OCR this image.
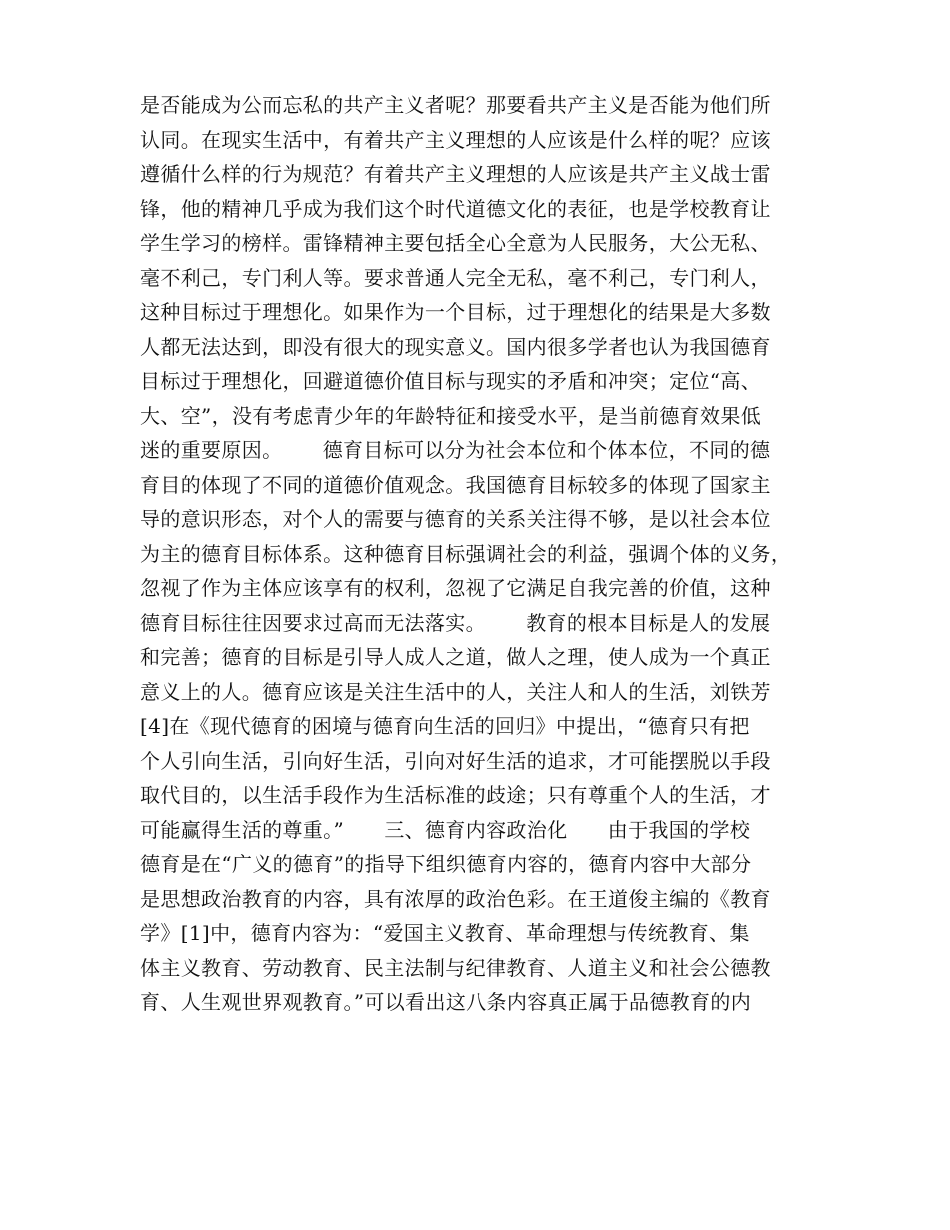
是否能成为公而忘私的共产主义者呢？那要看共产主义是否能为他们所
认同。在现实生活中，有着共产主义理想的人应该是什么样的呢？应该
遵循什么样的行为规范？有着共产主义理想的人应该是共产主义战士雷
锋，他的精神几乎成为我们这个时代道德文化的表征，也是学校教育让
学生学习的榜样。雷锋精神主要包括全心全意为人民服务，大公无私、
毫不利己，专门利人等。要求普通人完全无私，毫不利己，专门利人，
这种目标过于理想化。如果作为一个目标，过于理想化的结果是大多数
人都无法达到，即没有很大的现实意义。国内很多学者也认为我国德育
目标过于理想化，回避道德价值目标与现实的矛盾和冲突；定位“高、
大、空”，没有考虑青少年的年龄特征和接受水平，是当前德育效果低
迷的重要原因。      德育目标可以分为社会本位和个体本位，不同的德
育目的体现了不同的道德价值观念。我国德育目标较多的体现了国家主
导的意识形态，对个人的需要与德育的关系关注得不够，是以社会本位
为主的德育目标体系。这种德育目标强调社会的利益，强调个体的义务，
忽视了作为主体应该享有的权利，忽视了它满足自我完善的价值，这种
德育目标往往因要求过高而无法落实。      教育的根本目标是人的发展
和完善；德育的目标是引导人成人之道，做人之理，使人成为一个真正
意义上的人。德育应该是关注生活中的人，关注人和人的生活，刘铁芳
[4]在《现代德育的困境与德育向生活的回归》中提出，“德育只有把
个人引向生活，引向好生活，引向对好生活的追求，才可能摆脱以手段
取代目的，以生活手段作为生活标准的歧途；只有尊重个人的生活，才
可能赢得生活的尊重。”      三、德育内容政治化      由于我国的学校
德育是在“广义的德育”的指导下组织德育内容的，德育内容中大部分
是思想政治教育的内容，具有浓厚的政治色彩。在王道俊主编的《教育
学》[1]中，德育内容为：“爱国主义教育、革命理想与传统教育、集
体主义教育、劳动教育、民主法制与纪律教育、人道主义和社会公德教
育、人生观世界观教育。”可以看出这八条内容真正属于品德教育的内
